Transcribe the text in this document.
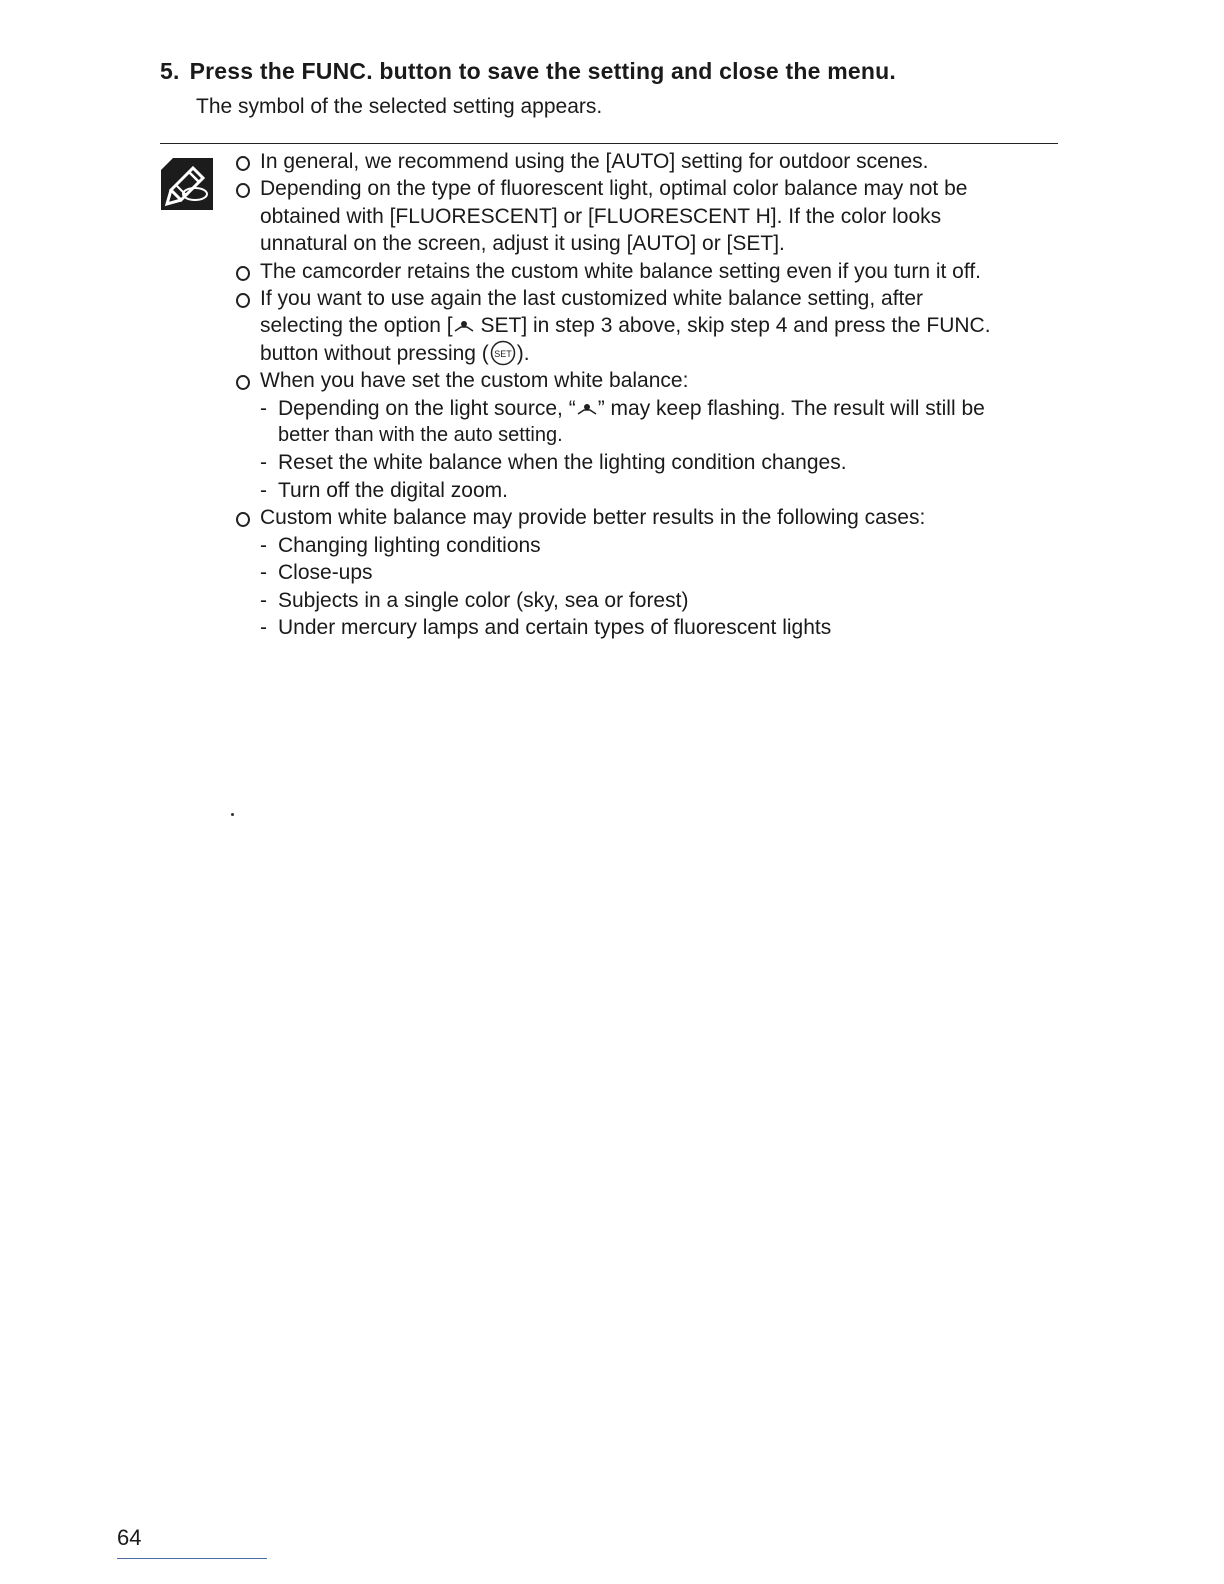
5. Press the FUNC. button to save the setting and close the menu.
The symbol of the selected setting appears.
In general, we recommend using the [AUTO] setting for outdoor scenes.
Depending on the type of fluorescent light, optimal color balance may not be
obtained with [FLUORESCENT] or [FLUORESCENT H]. If the color looks
unnatural on the screen, adjust it using [AUTO] or [SET].
The camcorder retains the custom white balance setting even if you turn it off.
If you want to use again the last customized white balance setting, after
selecting the option [ SET] in step 3 above, skip step 4 and press the FUNC.
button without pressing ( SET ).
When you have set the custom white balance:
- Depending on the light source, “ ” may keep flashing. The result will still be
better than with the auto setting.
- Reset the white balance when the lighting condition changes.
- Turn off the digital zoom.
Custom white balance may provide better results in the following cases:
- Changing lighting conditions
- Close-ups
- Subjects in a single color (sky, sea or forest)
- Under mercury lamps and certain types of fluorescent lights
64
